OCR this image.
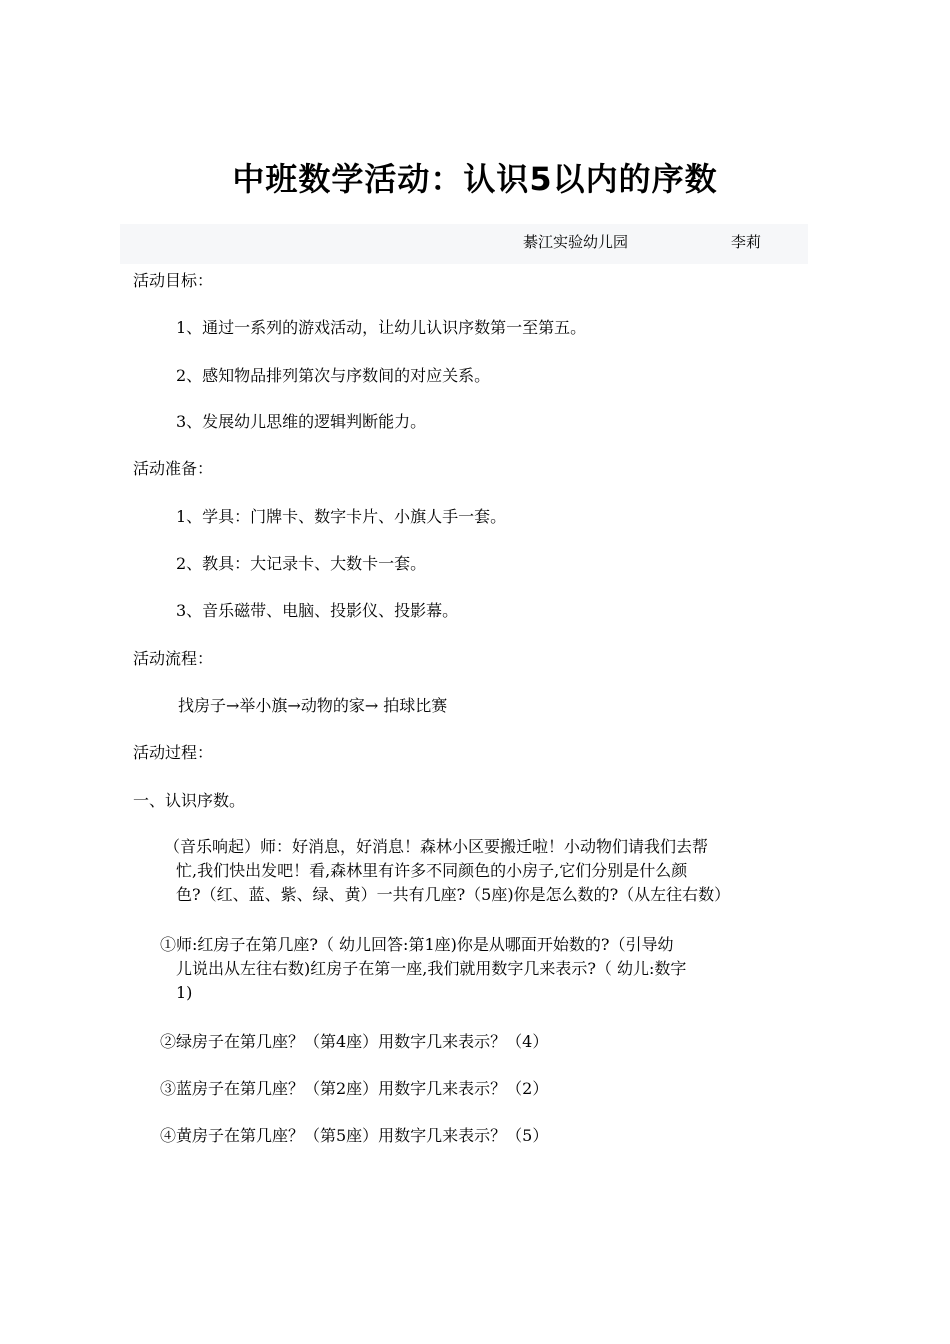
中班数学活动：认识5以内的序数
綦江实验幼儿园	李莉
活动目标：
1、通过一系列的游戏活动，让幼儿认识序数第一至第五。
2、感知物品排列第次与序数间的对应关系。
3、发展幼儿思维的逻辑判断能力。
活动准备：
1、学具：门牌卡、数字卡片、小旗人手一套。
2、教具：大记录卡、大数卡一套。
3、音乐磁带、电脑、投影仪、投影幕。
活动流程：
找房子→举小旗→动物的家→ 拍球比赛
活动过程：
一、认识序数。
（音乐响起）师：好消息，好消息！森林小区要搬迁啦！小动物们请我们去帮
忙,我们快出发吧！看,森林里有许多不同颜色的小房子,它们分别是什么颜
色?（红、蓝、紫、绿、黄）一共有几座?（5座)你是怎么数的?（从左往右数）
①师:红房子在第几座?（ 幼儿回答:第1座)你是从哪面开始数的?（引导幼
儿说出从左往右数)红房子在第一座,我们就用数字几来表示?（ 幼儿:数字
1)
②绿房子在第几座？（第4座）用数字几来表示？（4）
③蓝房子在第几座？（第2座）用数字几来表示？（2）
④黄房子在第几座？（第5座）用数字几来表示？（5）
